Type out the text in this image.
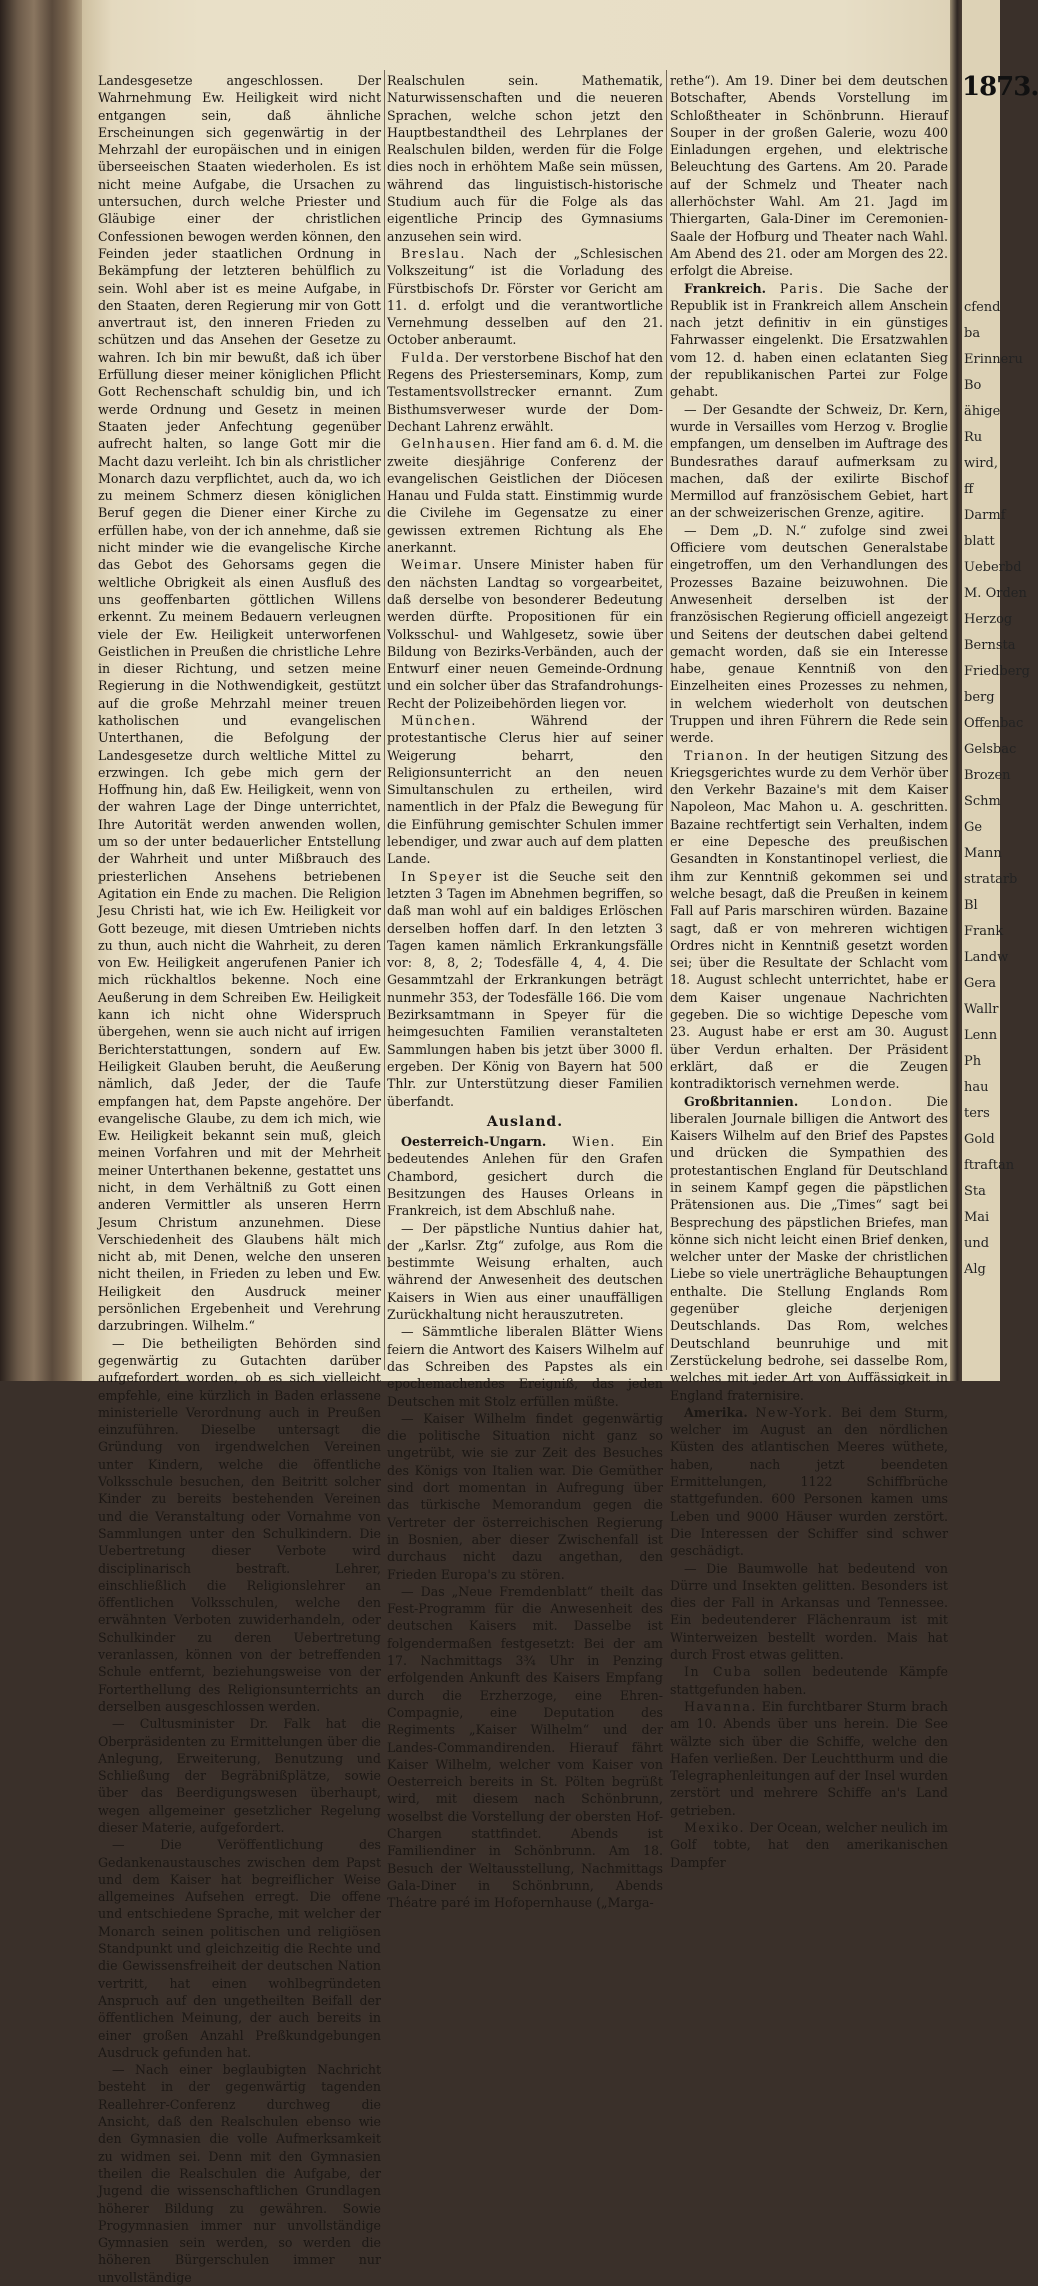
Landesgesetze angeschlossen. Der Wahrnehmung Ew. Heiligkeit wird nicht entgangen sein, daß ähnliche Erscheinungen sich gegenwärtig in der Mehrzahl der europäischen und in einigen überseeischen Staaten wiederholen. Es ist nicht meine Aufgabe, die Ursachen zu untersuchen, durch welche Priester und Gläubige einer der christlichen Confessionen bewogen werden können, den Feinden jeder staatlichen Ordnung in Bekämpfung der letzteren behülflich zu sein. Wohl aber ist es meine Aufgabe, in den Staaten, deren Regierung mir von Gott anvertraut ist, den inneren Frieden zu schützen und das Ansehen der Gesetze zu wahren. Ich bin mir bewußt, daß ich über Erfüllung dieser meiner königlichen Pflicht Gott Rechenschaft schuldig bin, und ich werde Ordnung und Gesetz in meinen Staaten jeder Anfechtung gegenüber aufrecht halten, so lange Gott mir die Macht dazu verleiht. Ich bin als christlicher Monarch dazu verpflichtet, auch da, wo ich zu meinem Schmerz diesen königlichen Beruf gegen die Diener einer Kirche zu erfüllen habe, von der ich annehme, daß sie nicht minder wie die evangelische Kirche das Gebot des Gehorsams gegen die weltliche Obrigkeit als einen Ausfluß des uns geoffenbarten göttlichen Willens erkennt. Zu meinem Bedauern verleugnen viele der Ew. Heiligkeit unterworfenen Geistlichen in Preußen die christliche Lehre in dieser Richtung, und setzen meine Regierung in die Nothwendigkeit, gestützt auf die große Mehrzahl meiner treuen katholischen und evangelischen Unterthanen, die Befolgung der Landesgesetze durch weltliche Mittel zu erzwingen. Ich gebe mich gern der Hoffnung hin, daß Ew. Heiligkeit, wenn von der wahren Lage der Dinge unterrichtet, Ihre Autorität werden anwenden wollen, um so der unter bedauerlicher Entstellung der Wahrheit und unter Mißbrauch des priesterlichen Ansehens betriebenen Agitation ein Ende zu machen. Die Religion Jesu Christi hat, wie ich Ew. Heiligkeit vor Gott bezeuge, mit diesen Umtrieben nichts zu thun, auch nicht die Wahrheit, zu deren von Ew. Heiligkeit angerufenen Panier ich mich rückhaltlos bekenne. Noch eine Aeußerung in dem Schreiben Ew. Heiligkeit kann ich nicht ohne Widerspruch übergehen, wenn sie auch nicht auf irrigen Berichterstattungen, sondern auf Ew. Heiligkeit Glauben beruht, die Aeußerung nämlich, daß Jeder, der die Taufe empfangen hat, dem Papste angehöre. Der evangelische Glaube, zu dem ich mich, wie Ew. Heiligkeit bekannt sein muß, gleich meinen Vorfahren und mit der Mehrheit meiner Unterthanen bekenne, gestattet uns nicht, in dem Verhältniß zu Gott einen anderen Vermittler als unseren Herrn Jesum Christum anzunehmen. Diese Verschiedenheit des Glaubens hält mich nicht ab, mit Denen, welche den unseren nicht theilen, in Frieden zu leben und Ew. Heiligkeit den Ausdruck meiner persönlichen Ergebenheit und Verehrung darzubringen. Wilhelm.“

— Die betheiligten Behörden sind gegenwärtig zu Gutachten darüber aufgefordert worden, ob es sich vielleicht empfehle, eine kürzlich in Baden erlassene ministerielle Verordnung auch in Preußen einzuführen. Dieselbe untersagt die Gründung von irgendwelchen Vereinen unter Kindern, welche die öffentliche Volksschule besuchen, den Beitritt solcher Kinder zu bereits bestehenden Vereinen und die Veranstaltung oder Vornahme von Sammlungen unter den Schulkindern. Die Uebertretung dieser Verbote wird disciplinarisch bestraft. Lehrer, einschließlich die Religionslehrer an öffentlichen Volksschulen, welche den erwähnten Verboten zuwiderhandeln, oder Schulkinder zu deren Uebertretung veranlassen, können von der betreffenden Schule entfernt, beziehungsweise von der Forterthellung des Religionsunterrichts an derselben ausgeschlossen werden.

— Cultusminister Dr. Falk hat die Oberpräsidenten zu Ermittelungen über die Anlegung, Erweiterung, Benutzung und Schließung der Begräbnißplätze, sowie über das Beerdigungswesen überhaupt, wegen allgemeiner gesetzlicher Regelung dieser Materie, aufgefordert.

— Die Veröffentlichung des Gedankenaustausches zwischen dem Papst und dem Kaiser hat begreiflicher Weise allgemeines Aufsehen erregt. Die offene und entschiedene Sprache, mit welcher der Monarch seinen politischen und religiösen Standpunkt und gleichzeitig die Rechte und die Gewissensfreiheit der deutschen Nation vertritt, hat einen wohlbegründeten Anspruch auf den ungetheilten Beifall der öffentlichen Meinung, der auch bereits in einer großen Anzahl Preßkundgebungen Ausdruck gefunden hat.

— Nach einer beglaubigten Nachricht besteht in der gegenwärtig tagenden Reallehrer-Conferenz durchweg die Ansicht, daß den Realschulen ebenso wie den Gymnasien die volle Aufmerksamkeit zu widmen sei. Denn mit den Gymnasien theilen die Realschulen die Aufgabe, der Jugend die wissenschaftlichen Grundlagen höherer Bildung zu gewähren. Sowie Progymnasien immer nur unvollständige Gymnasien sein werden, so werden die höheren Bürgerschulen immer nur unvollständige

Realschulen sein. Mathematik, Naturwissenschaften und die neueren Sprachen, welche schon jetzt den Hauptbestandtheil des Lehrplanes der Realschulen bilden, werden für die Folge dies noch in erhöhtem Maße sein müssen, während das linguistisch-historische Studium auch für die Folge als das eigentliche Princip des Gymnasiums anzusehen sein wird.

Breslau. Nach der „Schlesischen Volkszeitung“ ist die Vorladung des Fürstbischofs Dr. Förster vor Gericht am 11. d. erfolgt und die verantwortliche Vernehmung desselben auf den 21. October anberaumt.

Fulda. Der verstorbene Bischof hat den Regens des Priesterseminars, Komp, zum Testamentsvollstrecker ernannt. Zum Bisthumsverweser wurde der Dom-Dechant Lahrenz erwählt.

Gelnhausen. Hier fand am 6. d. M. die zweite diesjährige Conferenz der evangelischen Geistlichen der Diöcesen Hanau und Fulda statt. Einstimmig wurde die Civilehe im Gegensatze zu einer gewissen extremen Richtung als Ehe anerkannt.

Weimar. Unsere Minister haben für den nächsten Landtag so vorgearbeitet, daß derselbe von besonderer Bedeutung werden dürfte. Propositionen für ein Volksschul- und Wahlgesetz, sowie über Bildung von Bezirks-Verbänden, auch der Entwurf einer neuen Gemeinde-Ordnung und ein solcher über das Strafandrohungs-Recht der Polizeibehörden liegen vor.

München.	Während der protestantische Clerus hier auf seiner Weigerung beharrt, den Religionsunterricht an den neuen Simultanschulen zu ertheilen, wird namentlich in der Pfalz die Bewegung für die Einführung gemischter Schulen immer lebendiger, und zwar auch auf dem platten Lande.

In Speyer ist die Seuche seit den letzten 3 Tagen im Abnehmen begriffen, so daß man wohl auf ein baldiges Erlöschen derselben hoffen darf. In den letzten 3 Tagen kamen nämlich Erkrankungsfälle vor: 8, 8, 2; Todesfälle 4, 4, 4. Die Gesammtzahl der Erkrankungen beträgt nunmehr 353, der Todesfälle 166. Die vom Bezirksamtmann in Speyer für die heimgesuchten Familien veranstalteten Sammlungen haben bis jetzt über 3000 fl. ergeben. Der König von Bayern hat 500 Thlr. zur Unterstützung dieser Familien überfandt.

Ausland.

Oesterreich-Ungarn. Wien. Ein bedeutendes Anlehen für den Grafen Chambord, gesichert durch die Besitzungen des Hauses Orleans in Frankreich, ist dem Abschluß nahe.

— Der päpstliche Nuntius dahier hat, der „Karlsr. Ztg“ zufolge, aus Rom die bestimmte Weisung erhalten, auch während der Anwesenheit des deutschen Kaisers in Wien aus einer unauffälligen Zurückhaltung nicht herauszutreten.

— Sämmtliche liberalen Blätter Wiens feiern die Antwort des Kaisers Wilhelm auf das Schreiben des Papstes als ein epochemachendes Ereigniß, das jeden Deutschen mit Stolz erfüllen müßte.

— Kaiser Wilhelm findet gegenwärtig die politische Situation nicht ganz so ungetrübt, wie sie zur Zeit des Besuches des Königs von Italien war. Die Gemüther sind dort momentan in Aufregung über das türkische Memorandum gegen die Vertreter der österreichischen Regierung in Bosnien, aber dieser Zwischenfall ist durchaus nicht dazu angethan, den Frieden Europa's zu stören.

— Das „Neue Fremdenblatt“ theilt das Fest-Programm für die Anwesenheit des deutschen Kaisers mit. Dasselbe ist folgendermaßen festgesetzt: Bei der am 17. Nachmittags 3¾ Uhr in Penzing erfolgenden Ankunft des Kaisers Empfang durch die Erzherzoge, eine Ehren-Compagnie, eine Deputation des Regiments „Kaiser Wilhelm“ und der Landes-Commandirenden. Hierauf fährt Kaiser Wilhelm, welcher vom Kaiser von Oesterreich bereits in St. Pölten begrüßt wird, mit diesem nach Schönbrunn, woselbst die Vorstellung der obersten Hof-Chargen stattfindet. Abends ist Familiendiner in Schönbrunn. Am 18. Besuch der Weltausstellung, Nachmittags Gala-Diner in Schönbrunn, Abends Théatre paré im Hofopernhause („Marga-

rethe“). Am 19. Diner bei dem deutschen Botschafter, Abends Vorstellung im Schloßtheater in Schönbrunn. Hierauf Souper in der großen Galerie, wozu 400 Einladungen ergehen, und elektrische Beleuchtung des Gartens. Am 20. Parade auf der Schmelz und Theater nach allerhöchster Wahl. Am 21. Jagd im Thiergarten, Gala-Diner im Ceremonien-Saale der Hofburg und Theater nach Wahl. Am Abend des 21. oder am Morgen des 22. erfolgt die Abreise.

Frankreich. Paris. Die Sache der Republik ist in Frankreich allem Anschein nach jetzt definitiv in ein günstiges Fahrwasser eingelenkt. Die Ersatzwahlen vom 12. d. haben einen eclatanten Sieg der republikanischen Partei zur Folge gehabt.

— Der Gesandte der Schweiz, Dr. Kern, wurde in Versailles vom Herzog v. Broglie empfangen, um denselben im Auftrage des Bundesrathes darauf aufmerksam zu machen, daß der exilirte Bischof Mermillod auf französischem Gebiet, hart an der schweizerischen Grenze, agitire.

— Dem „D. N.“ zufolge sind zwei Officiere vom deutschen Generalstabe eingetroffen, um den Verhandlungen des Prozesses Bazaine beizuwohnen. Die Anwesenheit derselben ist der französischen Regierung officiell angezeigt und Seitens der deutschen dabei geltend gemacht worden, daß sie ein Interesse habe, genaue Kenntniß von den Einzelheiten eines Prozesses zu nehmen, in welchem wiederholt von deutschen Truppen und ihren Führern die Rede sein werde.

Trianon. In der heutigen Sitzung des Kriegsgerichtes wurde zu dem Verhör über den Verkehr Bazaine's mit dem Kaiser Napoleon, Mac Mahon u. A. geschritten. Bazaine rechtfertigt sein Verhalten, indem er eine Depesche des preußischen Gesandten in Konstantinopel verliest, die ihm zur Kenntniß gekommen sei und welche besagt, daß die Preußen in keinem Fall auf Paris marschiren würden. Bazaine sagt, daß er von mehreren wichtigen Ordres nicht in Kenntniß gesetzt worden sei; über die Resultate der Schlacht vom 18. August schlecht unterrichtet, habe er dem Kaiser ungenaue Nachrichten gegeben. Die so wichtige Depesche vom 23. August habe er erst am 30. August über Verdun erhalten. Der Präsident erklärt, daß er die Zeugen kontradiktorisch vernehmen werde.

Großbritannien.	London.	Die liberalen Journale billigen die Antwort des Kaisers Wilhelm auf den Brief des Papstes und drücken die Sympathien des protestantischen England für Deutschland in seinem Kampf gegen die päpstlichen Prätensionen aus. Die „Times“ sagt bei Besprechung des päpstlichen Briefes, man könne sich nicht leicht einen Brief denken, welcher unter der Maske der christlichen Liebe so viele unerträgliche Behauptungen enthalte. Die Stellung Englands Rom gegenüber gleiche derjenigen Deutschlands. Das Rom, welches Deutschland beunruhige und mit Zerstückelung bedrohe, sei dasselbe Rom, welches mit jeder Art von Auffässigkeit in England fraternisire.

Amerika. New-York. Bei dem Sturm, welcher im August an den nördlichen Küsten des atlantischen Meeres wüthete, haben, nach jetzt beendeten Ermittelungen, 1122 Schiffbrüche stattgefunden. 600 Personen kamen ums Leben und 9000 Häuser wurden zerstört. Die Interessen der Schiffer sind schwer geschädigt.

— Die Baumwolle hat bedeutend von Dürre und Insekten gelitten. Besonders ist dies der Fall in Arkansas und Tennessee. Ein bedeutenderer Flächenraum ist mit Winterweizen bestellt worden. Mais hat durch Frost etwas gelitten.

In Cuba sollen bedeutende Kämpfe stattgefunden haben.

Havanna. Ein furchtbarer Sturm brach am 10. Abends über uns herein. Die See wälzte sich über die Schiffe, welche den Hafen verließen. Der Leuchtthurm und die Telegraphenleitungen auf der Insel wurden zerstört und mehrere Schiffe an's Land getrieben.

Mexiko. Der Ocean, welcher neulich im Golf tobte, hat den amerikanischen Dampfer

1873.
cfend
ba
Erinneru
Bo
ähige
Ru
wird,
ff
Darmf
blatt
Ueberbd
M. Orden
Herzog
Bernsta
Friedberg
berg
Offenbac
Gelsbac
Brozen
Schm
Ge
Mann
stratarb
Bl
Frank
Landw
Gera
Wallr
Lenn
Ph
hau
ters
Gold
ftraftan
Sta
Mai
und
Alg
